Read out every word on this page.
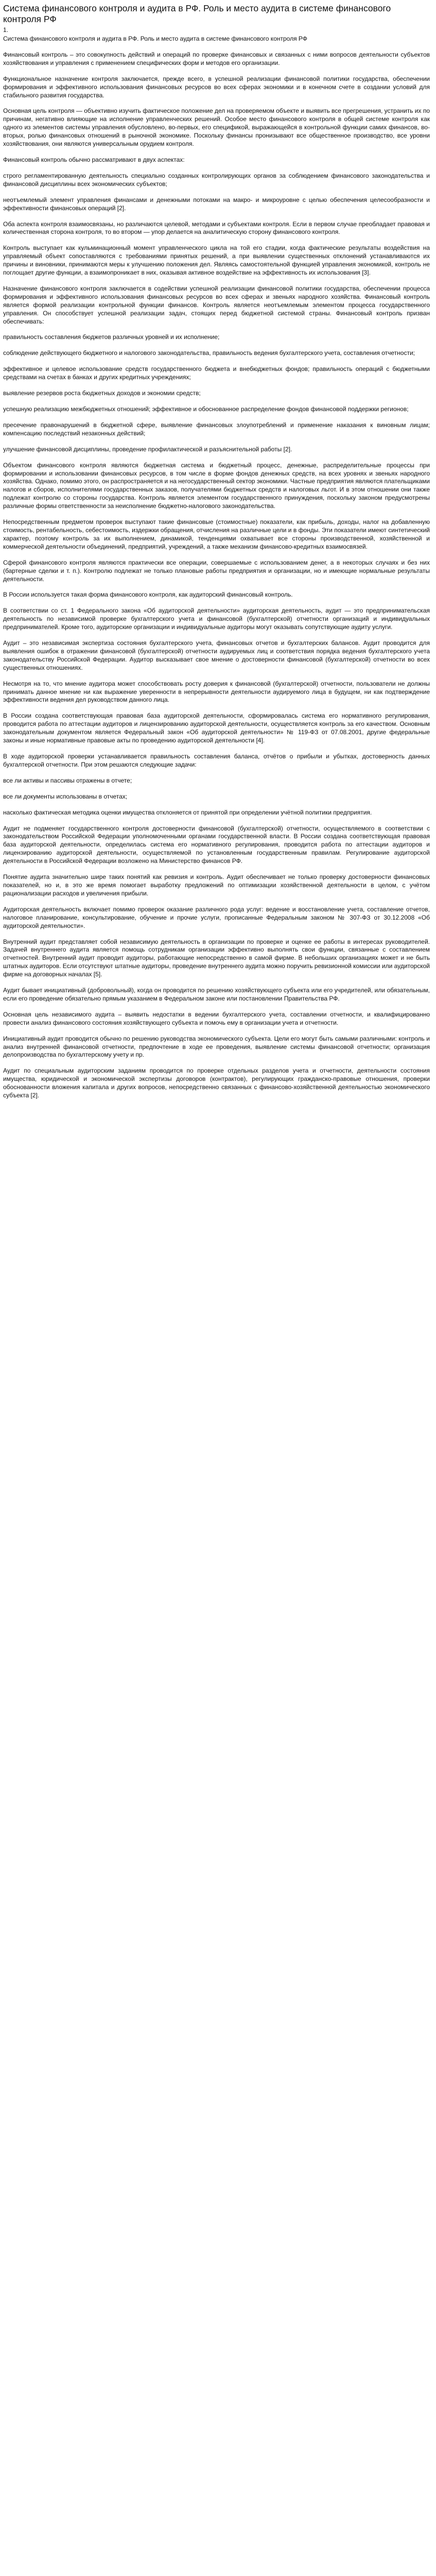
Система финансового контроля и аудита в РФ. Роль и место аудита в системе финансового контроля РФ
1.

Система финансового контроля и аудита в РФ. Роль и место аудита в системе финансового контроля РФ

Финансовый контроль – это совокупность действий и операций по проверке финансовых и связанных с ними вопросов деятельности субъектов хозяйствования и управления с применением специфических форм и методов его организации.

Функциональное назначение контроля заключается, прежде всего, в успешной реализации финансовой политики государства, обеспечении формирования и эффективного использования финансовых ресурсов во всех сферах экономики и в конечном счете в создании условий для стабильного развития государства.

Основная цель контроля — объективно изучить фактическое положение дел на проверяемом объекте и выявить все прегрешения, устранить их по причинам, негативно влияющие на исполнение управленческих решений. Особое место финансового контроля в общей системе контроля как одного из элементов системы управления обусловлено, во-первых, его спецификой, выражающейся в контрольной функции самих финансов, во-вторых, ролью финансовых отношений в рыночной экономике. Поскольку финансы пронизывают все общественное производство, все уровни хозяйствования, они являются универсальным орудием контроля.

Финансовый контроль обычно рассматривают в двух аспектах:

строго регламентированную деятельность специально созданных контролирующих органов за соблюдением финансового законодательства и финансовой дисциплины всех экономических субъектов;

неотъемлемый элемент управления финансами и денежными потоками на макро- и микроуровне с целью обеспечения целесообразности и эффективности финансовых операций [2].

Оба аспекта контроля взаимосвязаны, но различаются целевой, методами и субъектами контроля. Если в первом случае преобладает правовая и количественная сторона контроля, то во втором — упор делается на аналитическую сторону финансового контроля.

Контроль выступает как кульминационный момент управленческого цикла на той его стадии, когда фактические результаты воздействия на управляемый объект сопоставляются с требованиями принятых решений, а при выявлении существенных отклонений устанавливаются их причины и виновники, принимаются меры к улучшению положения дел. Являясь самостоятельной функцией управления экономикой, контроль не поглощает другие функции, а взаимопроникает в них, оказывая активное воздействие на эффективность их использования [3].

Назначение финансового контроля заключается в содействии успешной реализации финансовой политики государства, обеспечении процесса формирования и эффективного использования финансовых ресурсов во всех сферах и звеньях народного хозяйства. Финансовый контроль является формой реализации контрольной функции финансов. Контроль является неотъемлемым элементом процесса государственного управления. Он способствует успешной реализации задач, стоящих перед бюджетной системой страны. Финансовый контроль призван обеспечивать:

правильность составления бюджетов различных уровней и их исполнение;

соблюдение действующего бюджетного и налогового законодательства, правильность ведения бухгалтерского учета, составления отчетности;

эффективное и целевое использование средств государственного бюджета и внебюджетных фондов; правильность операций с бюджетными средствами на счетах в банках и других кредитных учреждениях;

выявление резервов роста бюджетных доходов и экономии средств;

успешную реализацию межбюджетных отношений; эффективное и обоснованное распределение фондов финансовой поддержки регионов;

пресечение правонарушений в бюджетной сфере, выявление финансовых злоупотреблений и применение наказания к виновным лицам; компенсацию последствий незаконных действий;

улучшение финансовой дисциплины, проведение профилактической и разъяснительной работы [2].

Объектом финансового контроля являются бюджетная система и бюджетный процесс, денежные, распределительные процессы при формировании и использовании финансовых ресурсов, в том числе в форме фондов денежных средств, на всех уровнях и звеньях народного хозяйства. Однако, помимо этого, он распространяется и на негосударственный сектор экономики. Частные предприятия являются плательщиками налогов и сборов, исполнителями государственных заказов, получателями бюджетных средств и налоговых льгот. И в этом отношении они также подлежат контролю со стороны государства. Контроль является элементом государственного принуждения, поскольку законом предусмотрены различные формы ответственности за неисполнение бюджетно-налогового законодательства.

Непосредственным предметом проверок выступают такие финансовые (стоимостные) показатели, как прибыль, доходы, налог на добавленную стоимость, рентабельность, себестоимость, издержки обращения, отчисления на различные цели и в фонды. Эти показатели имеют синтетический характер, поэтому контроль за их выполнением, динамикой, тенденциями охватывает все стороны производственной, хозяйственной и коммерческой деятельности объединений, предприятий, учреждений, а также механизм финансово-кредитных взаимосвязей.

Сферой финансового контроля являются практически все операции, совершаемые с использованием денег, а в некоторых случаях и без них (бартерные сделки и т. п.). Контролю подлежат не только плановые работы предприятия и организации, но и имеющие нормальные результаты деятельности.

В России используется такая форма финансового контроля, как аудиторский финансовый контроль.

В соответствии со ст. 1 Федерального закона «Об аудиторской деятельности» аудиторская деятельность, аудит — это предпринимательская деятельность по независимой проверке бухгалтерского учета и финансовой (бухгалтерской) отчетности организаций и индивидуальных предпринимателей. Кроме того, аудиторские организации и индивидуальные аудиторы могут оказывать сопутствующие аудиту услуги.

Аудит – это независимая экспертиза состояния бухгалтерского учета, финансовых отчетов и бухгалтерских балансов. Аудит проводится для выявления ошибок в отражении финансовой (бухгалтерской) отчетности аудируемых лиц и соответствия порядка ведения бухгалтерского учета законодательству Российской Федерации. Аудитор высказывает свое мнение о достоверности финансовой (бухгалтерской) отчетности во всех существенных отношениях.

Несмотря на то, что мнение аудитора может способствовать росту доверия к финансовой (бухгалтерской) отчетности, пользователи не должны принимать данное мнение ни как выражение уверенности в непрерывности деятельности аудируемого лица в будущем, ни как подтверждение эффективности ведения дел руководством данного лица.

В России создана соответствующая правовая база аудиторской деятельности, сформировалась система его нормативного регулирования, проводится работа по аттестации аудиторов и лицензированию аудиторской деятельности, осуществляется контроль за его качеством. Основным законодательным документом является Федеральный закон «Об аудиторской деятельности» № 119-ФЗ от 07.08.2001, другие федеральные законы и иные нормативные правовые акты по проведению аудиторской деятельности [4].

В ходе аудиторской проверки устанавливается правильность составления баланса, отчётов о прибыли и убытках, достоверность данных бухгалтерской отчетности. При этом решаются следующие задачи:

все ли активы и пассивы отражены в отчете;

все ли документы использованы в отчетах;

насколько фактическая методика оценки имущества отклоняется от принятой при определении учётной политики предприятия.

Аудит не подменяет государственного контроля достоверности финансовой (бухгалтерской) отчетности, осуществляемого в соответствии с законодательством Российской Федерации уполномоченными органами государственной власти. В России создана соответствующая правовая база аудиторской деятельности, определилась система его нормативного регулирования, проводится работа по аттестации аудиторов и лицензированию аудиторской деятельности, осуществляемой по установленным государственным правилам. Регулирование аудиторской деятельности в Российской Федерации возложено на Министерство финансов РФ.

Понятие аудита значительно шире таких понятий как ревизия и контроль. Аудит обеспечивает не только проверку достоверности финансовых показателей, но и, в это же время помогает выработку предложений по оптимизации хозяйственной деятельности в целом, с учётом рационализации расходов и увеличения прибыли.

Аудиторская деятельность включает помимо проверок оказание различного рода услуг: ведение и восстановление учета, составление отчетов, налоговое планирование, консультирование, обучение и прочие услуги, прописанные Федеральным законом № 307-ФЗ от 30.12.2008 «Об аудиторской деятельности».

Внутренний аудит представляет собой независимую деятельность в организации по проверке и оценке ее работы в интересах руководителей. Задачей внутреннего аудита является помощь сотрудникам организации эффективно выполнять свои функции, связанные с составлением отчетностей. Внутренний аудит проводит аудиторы, работающие непосредственно в самой фирме. В небольших организациях может и не быть штатных аудиторов. Если отсутствуют штатные аудиторы, проведение внутреннего аудита можно поручить ревизионной комиссии или аудиторской фирме на договорных началах [5].

Аудит бывает инициативный (добровольный), когда он проводится по решению хозяйствующего субъекта или его учредителей, или обязательным, если его проведение обязательно прямым указанием в Федеральном законе или постановлении Правительства РФ.

Основная цель независимого аудита – выявить недостатки в ведении бухгалтерского учета, составлении отчетности, и квалифицированно провести анализ финансового состояния хозяйствующего субъекта и помочь ему в организации учета и отчетности.

Инициативный аудит проводится обычно по решению руководства экономического субъекта. Цели его могут быть самыми различными: контроль и анализ внутренней финансовой отчетности, предпочтение в ходе ее проведения, выявление системы финансовой отчетности; организация делопроизводства по бухгалтерскому учету и пр.

Аудит по специальным аудиторским заданиям проводится по проверке отдельных разделов учета и отчетности, деятельности состояния имущества, юридической и экономической экспертизы договоров (контрактов), регулирующих гражданско-правовые отношения, проверки обоснованности вложения капитала и других вопросов, непосредственно связанных с финансово-хозяйственной деятельностью экономического субъекта [2].
